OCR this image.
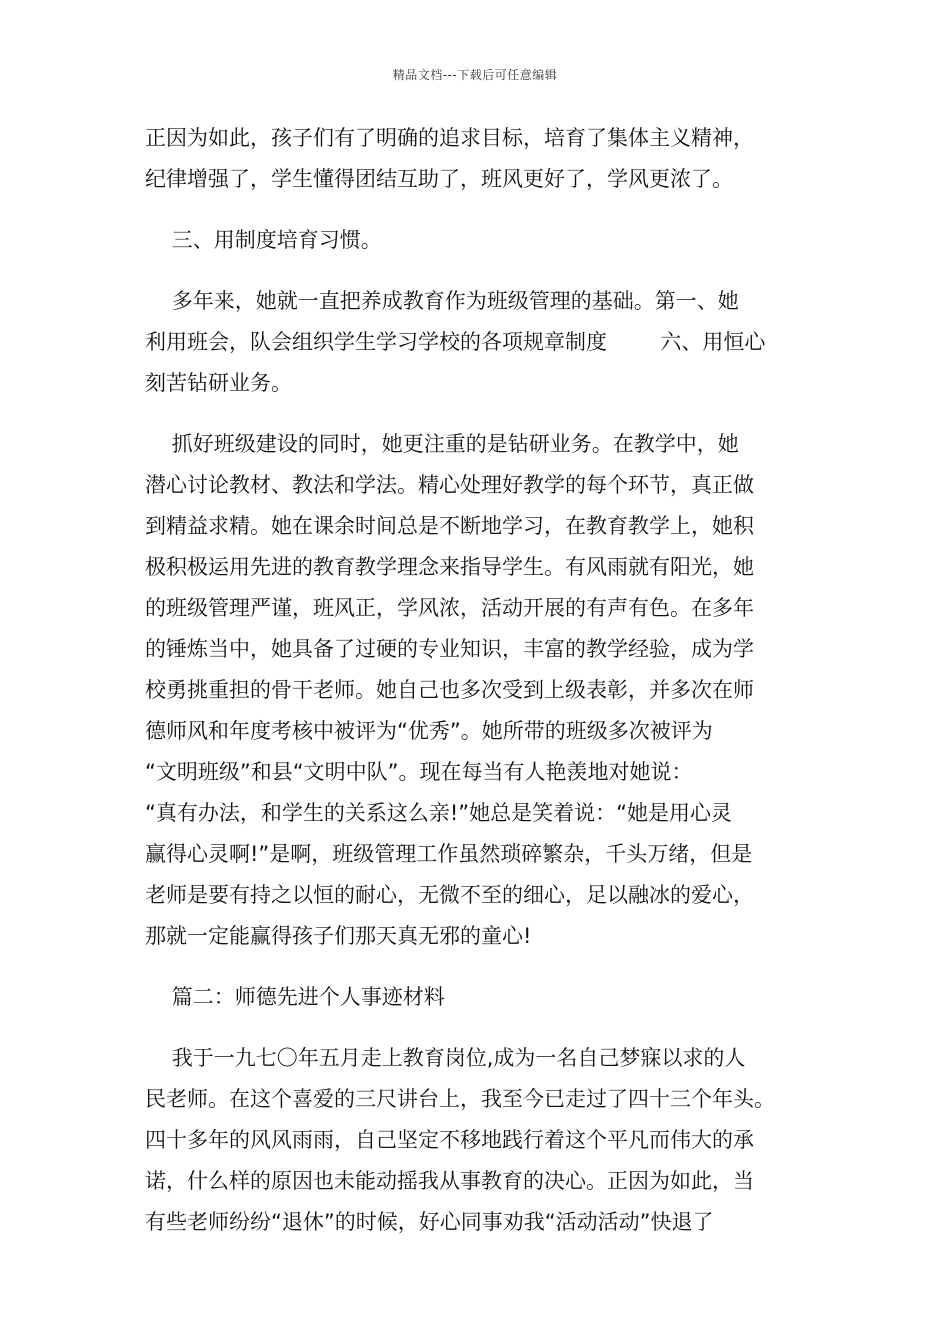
精品文档---下载后可任意编辑
正因为如此，孩子们有了明确的追求目标，培育了集体主义精神，
纪律增强了，学生懂得团结互助了，班风更好了，学风更浓了。
三、用制度培育习惯。
多年来，她就一直把养成教育作为班级管理的基础。第一、她
利用班会，队会组织学生学习学校的各项规章制度        六、用恒心
刻苦钻研业务。
抓好班级建设的同时，她更注重的是钻研业务。在教学中，她
潜心讨论教材、教法和学法。精心处理好教学的每个环节，真正做
到精益求精。她在课余时间总是不断地学习，在教育教学上，她积
极积极运用先进的教育教学理念来指导学生。有风雨就有阳光，她
的班级管理严谨，班风正，学风浓，活动开展的有声有色。在多年
的锤炼当中，她具备了过硬的专业知识，丰富的教学经验，成为学
校勇挑重担的骨干老师。她自己也多次受到上级表彰，并多次在师
德师风和年度考核中被评为“优秀”。她所带的班级多次被评为
“文明班级”和县“文明中队”。现在每当有人艳羡地对她说：
“真有办法，和学生的关系这么亲!”她总是笑着说：“她是用心灵
赢得心灵啊!”是啊，班级管理工作虽然琐碎繁杂，千头万绪，但是
老师是要有持之以恒的耐心，无微不至的细心，足以融冰的爱心，
那就一定能赢得孩子们那天真无邪的童心!
篇二：师德先进个人事迹材料
我于一九七〇年五月走上教育岗位,成为一名自己梦寐以求的人
民老师。在这个喜爱的三尺讲台上，我至今已走过了四十三个年头。
四十多年的风风雨雨，自己坚定不移地践行着这个平凡而伟大的承
诺，什么样的原因也未能动摇我从事教育的决心。正因为如此，当
有些老师纷纷“退休”的时候，好心同事劝我“活动活动”快退了
